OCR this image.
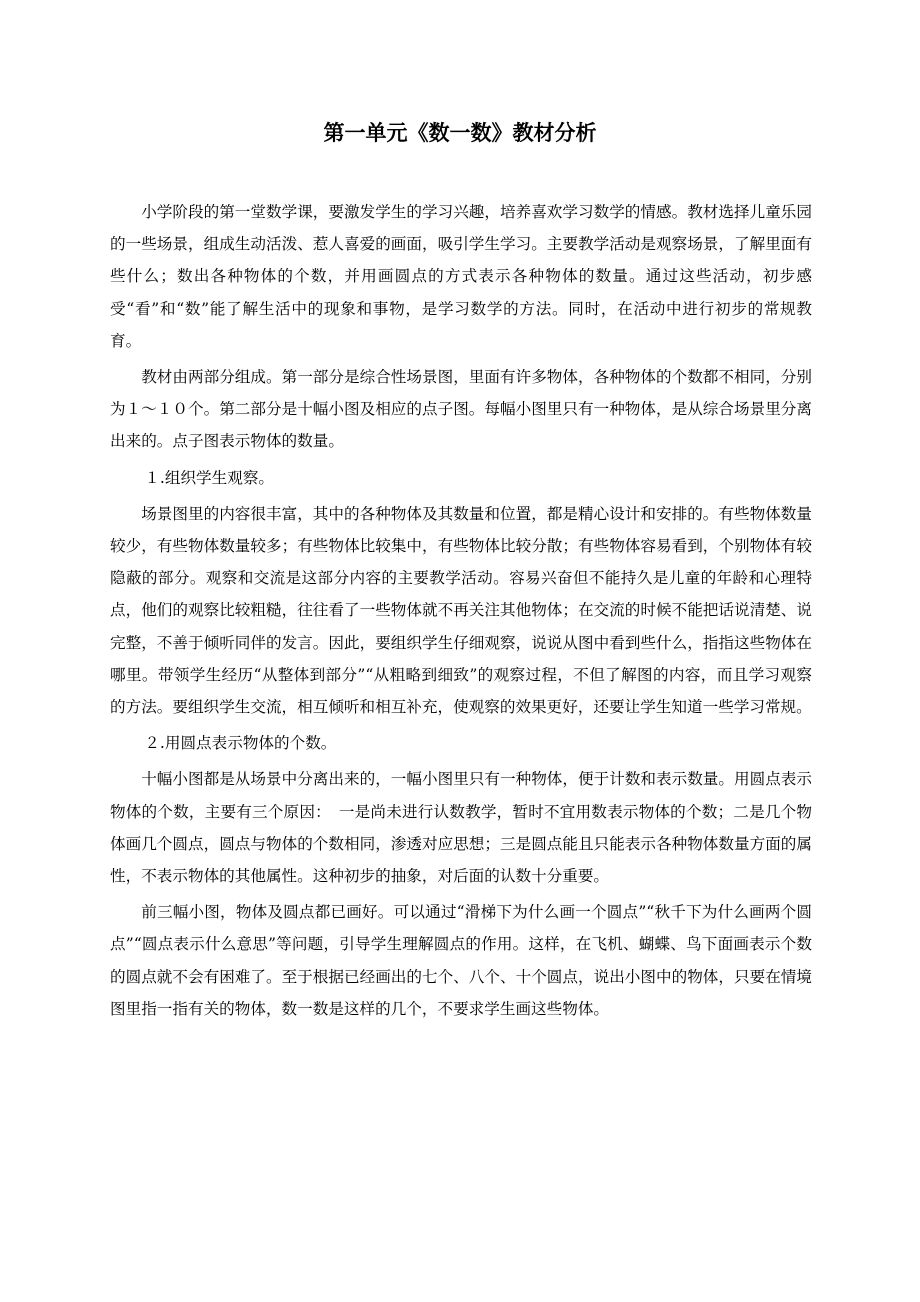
第一单元《数一数》教材分析

小学阶段的第一堂数学课，要激发学生的学习兴趣，培养喜欢学习数学的情感。教材选择儿童乐园的一些场景，组成生动活泼、惹人喜爱的画面，吸引学生学习。主要教学活动是观察场景，了解里面有些什么；数出各种物体的个数，并用画圆点的方式表示各种物体的数量。通过这些活动，初步感受“看”和“数”能了解生活中的现象和事物，是学习数学的方法。同时，在活动中进行初步的常规教育。

教材由两部分组成。第一部分是综合性场景图，里面有许多物体，各种物体的个数都不相同，分别为１～１０个。第二部分是十幅小图及相应的点子图。每幅小图里只有一种物体，是从综合场景里分离出来的。点子图表示物体的数量。

１.组织学生观察。

场景图里的内容很丰富，其中的各种物体及其数量和位置，都是精心设计和安排的。有些物体数量较少，有些物体数量较多；有些物体比较集中，有些物体比较分散；有些物体容易看到，个别物体有较隐蔽的部分。观察和交流是这部分内容的主要教学活动。容易兴奋但不能持久是儿童的年龄和心理特点，他们的观察比较粗糙，往往看了一些物体就不再关注其他物体；在交流的时候不能把话说清楚、说完整，不善于倾听同伴的发言。因此，要组织学生仔细观察，说说从图中看到些什么，指指这些物体在哪里。带领学生经历“从整体到部分”“从粗略到细致”的观察过程，不但了解图的内容，而且学习观察的方法。要组织学生交流，相互倾听和相互补充，使观察的效果更好，还要让学生知道一些学习常规。

２.用圆点表示物体的个数。

十幅小图都是从场景中分离出来的，一幅小图里只有一种物体，便于计数和表示数量。用圆点表示物体的个数，主要有三个原因：　一是尚未进行认数教学，暂时不宜用数表示物体的个数；二是几个物体画几个圆点，圆点与物体的个数相同，渗透对应思想；三是圆点能且只能表示各种物体数量方面的属性，不表示物体的其他属性。这种初步的抽象，对后面的认数十分重要。

前三幅小图，物体及圆点都已画好。可以通过“滑梯下为什么画一个圆点”“秋千下为什么画两个圆点”“圆点表示什么意思”等问题，引导学生理解圆点的作用。这样，在飞机、蝴蝶、鸟下面画表示个数的圆点就不会有困难了。至于根据已经画出的七个、八个、十个圆点，说出小图中的物体，只要在情境图里指一指有关的物体，数一数是这样的几个，不要求学生画这些物体。
